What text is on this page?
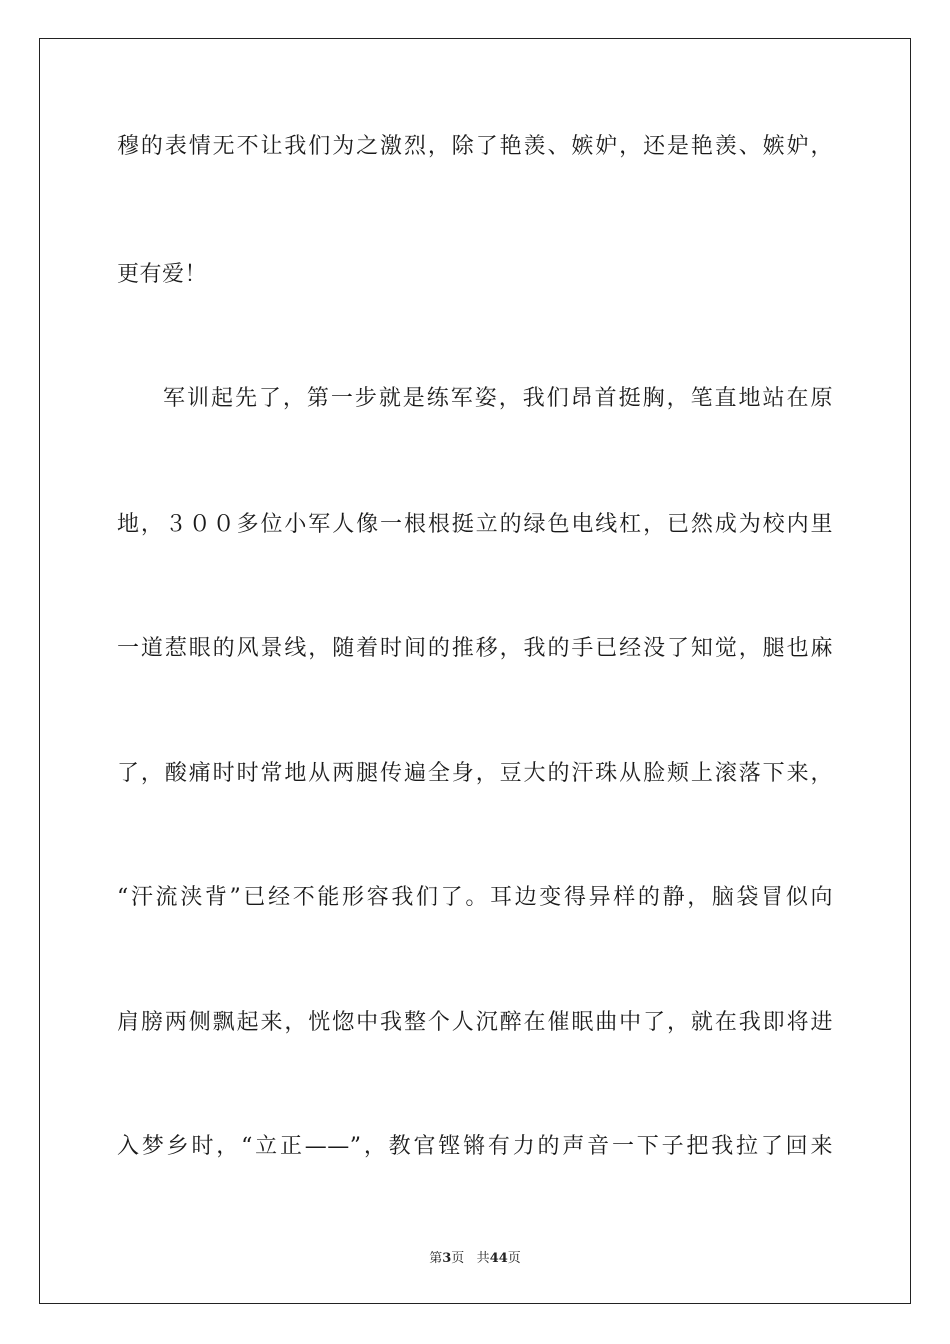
穆的表情无不让我们为之激烈，除了艳羡、嫉妒，还是艳羡、嫉妒，
更有爱！
军训起先了，第一步就是练军姿，我们昂首挺胸，笔直地站在原
地，３００多位小军人像一根根挺立的绿色电线杠，已然成为校内里
一道惹眼的风景线，随着时间的推移，我的手已经没了知觉，腿也麻
了，酸痛时时常地从两腿传遍全身，豆大的汗珠从脸颊上滚落下来，
“汗流浃背”已经不能形容我们了。耳边变得异样的静，脑袋冒似向
肩膀两侧飘起来，恍惚中我整个人沉醉在催眠曲中了，就在我即将进
入梦乡时，“立正——”，教官铿锵有力的声音一下子把我拉了回来
第3页 共44页
